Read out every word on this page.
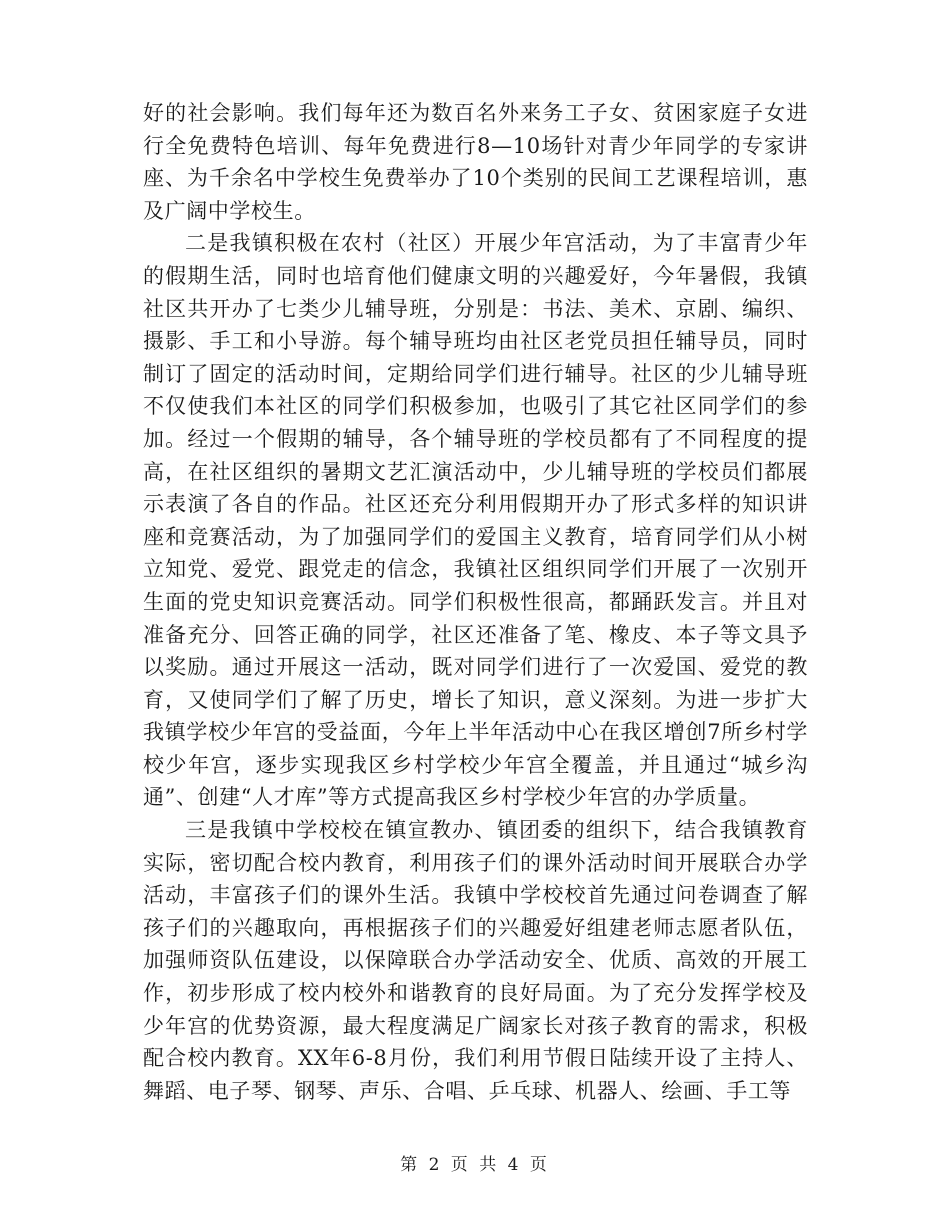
好的社会影响。我们每年还为数百名外来务工子女、贫困家庭子女进行全免费特色培训、每年免费进行8—10场针对青少年同学的专家讲座、为千余名中学校生免费举办了10个类别的民间工艺课程培训，惠及广阔中学校生。

二是我镇积极在农村（社区）开展少年宫活动，为了丰富青少年的假期生活，同时也培育他们健康文明的兴趣爱好，今年暑假，我镇社区共开办了七类少儿辅导班，分别是：书法、美术、京剧、编织、摄影、手工和小导游。每个辅导班均由社区老党员担任辅导员，同时制订了固定的活动时间，定期给同学们进行辅导。社区的少儿辅导班不仅使我们本社区的同学们积极参加，也吸引了其它社区同学们的参加。经过一个假期的辅导，各个辅导班的学校员都有了不同程度的提高，在社区组织的暑期文艺汇演活动中，少儿辅导班的学校员们都展示表演了各自的作品。社区还充分利用假期开办了形式多样的知识讲座和竞赛活动，为了加强同学们的爱国主义教育，培育同学们从小树立知党、爱党、跟党走的信念，我镇社区组织同学们开展了一次别开生面的党史知识竞赛活动。同学们积极性很高，都踊跃发言。并且对准备充分、回答正确的同学，社区还准备了笔、橡皮、本子等文具予以奖励。通过开展这一活动，既对同学们进行了一次爱国、爱党的教育，又使同学们了解了历史，增长了知识，意义深刻。为进一步扩大我镇学校少年宫的受益面，今年上半年活动中心在我区增创7所乡村学校少年宫，逐步实现我区乡村学校少年宫全覆盖，并且通过“城乡沟通”、创建“人才库”等方式提高我区乡村学校少年宫的办学质量。

三是我镇中学校校在镇宣教办、镇团委的组织下，结合我镇教育实际，密切配合校内教育，利用孩子们的课外活动时间开展联合办学活动，丰富孩子们的课外生活。我镇中学校校首先通过问卷调查了解孩子们的兴趣取向，再根据孩子们的兴趣爱好组建老师志愿者队伍，加强师资队伍建设，以保障联合办学活动安全、优质、高效的开展工作，初步形成了校内校外和谐教育的良好局面。为了充分发挥学校及少年宫的优势资源，最大程度满足广阔家长对孩子教育的需求，积极配合校内教育。XX年6-8月份，我们利用节假日陆续开设了主持人、舞蹈、电子琴、钢琴、声乐、合唱、乒乓球、机器人、绘画、手工等

第 2 页 共 4 页
